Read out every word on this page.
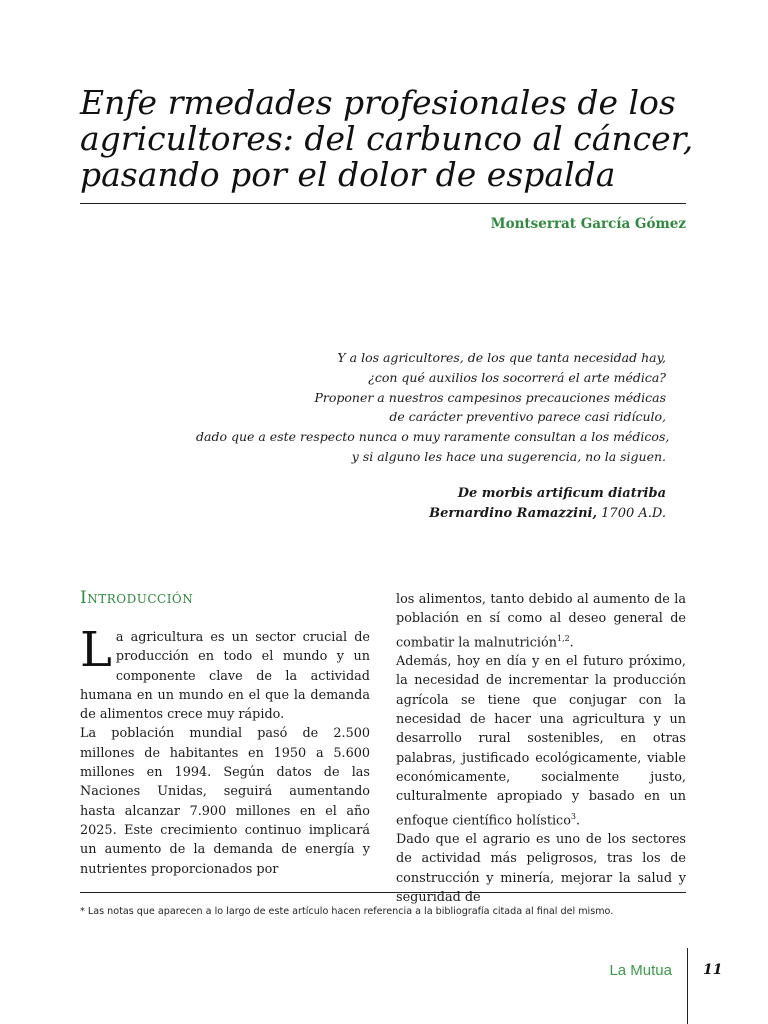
Enfe rmedades profesionales de los
agricultores: del carbunco al cáncer,
pasando por el dolor de espalda
Montserrat García Gómez
Y a los agricultores, de los que tanta necesidad hay,
¿con qué auxilios los socorrerá el arte médica?
Proponer a nuestros campesinos precauciones médicas
de carácter preventivo parece casi ridículo,
dado que a este respecto nunca o muy raramente consultan a los médicos,
y si alguno les hace una sugerencia, no la siguen.
De morbis artificum diatriba
Bernardino Ramazzini, 1700 A.D.
Introducción

La agricultura es un sector crucial de producción en todo el mundo y un componente clave de la actividad humana en un mundo en el que la demanda de alimentos crece muy rápido.

La población mundial pasó de 2.500 millones de habitantes en 1950 a 5.600 millones en 1994. Según datos de las Naciones Unidas, seguirá aumentando hasta alcanzar 7.900 millones en el año 2025. Este crecimiento continuo implicará un aumento de la demanda de energía y nutrientes proporcionados por

los alimentos, tanto debido al aumento de la población en sí como al deseo general de combatir la malnutrición$^{1,2}$.

Además, hoy en día y en el futuro próximo, la necesidad de incrementar la producción agrícola se tiene que conjugar con la necesidad de hacer una agricultura y un desarrollo rural sostenibles, en otras palabras, justificado ecológicamente, viable económicamente, socialmente justo, culturalmente apropiado y basado en un enfoque científico holístico$^3$.

Dado que el agrario es uno de los sectores de actividad más peligrosos, tras los de construcción y minería, mejorar la salud y seguridad de

* Las notas que aparecen a lo largo de este artículo hacen referencia a la bibliografía citada al final del mismo.
La Mutua 11
